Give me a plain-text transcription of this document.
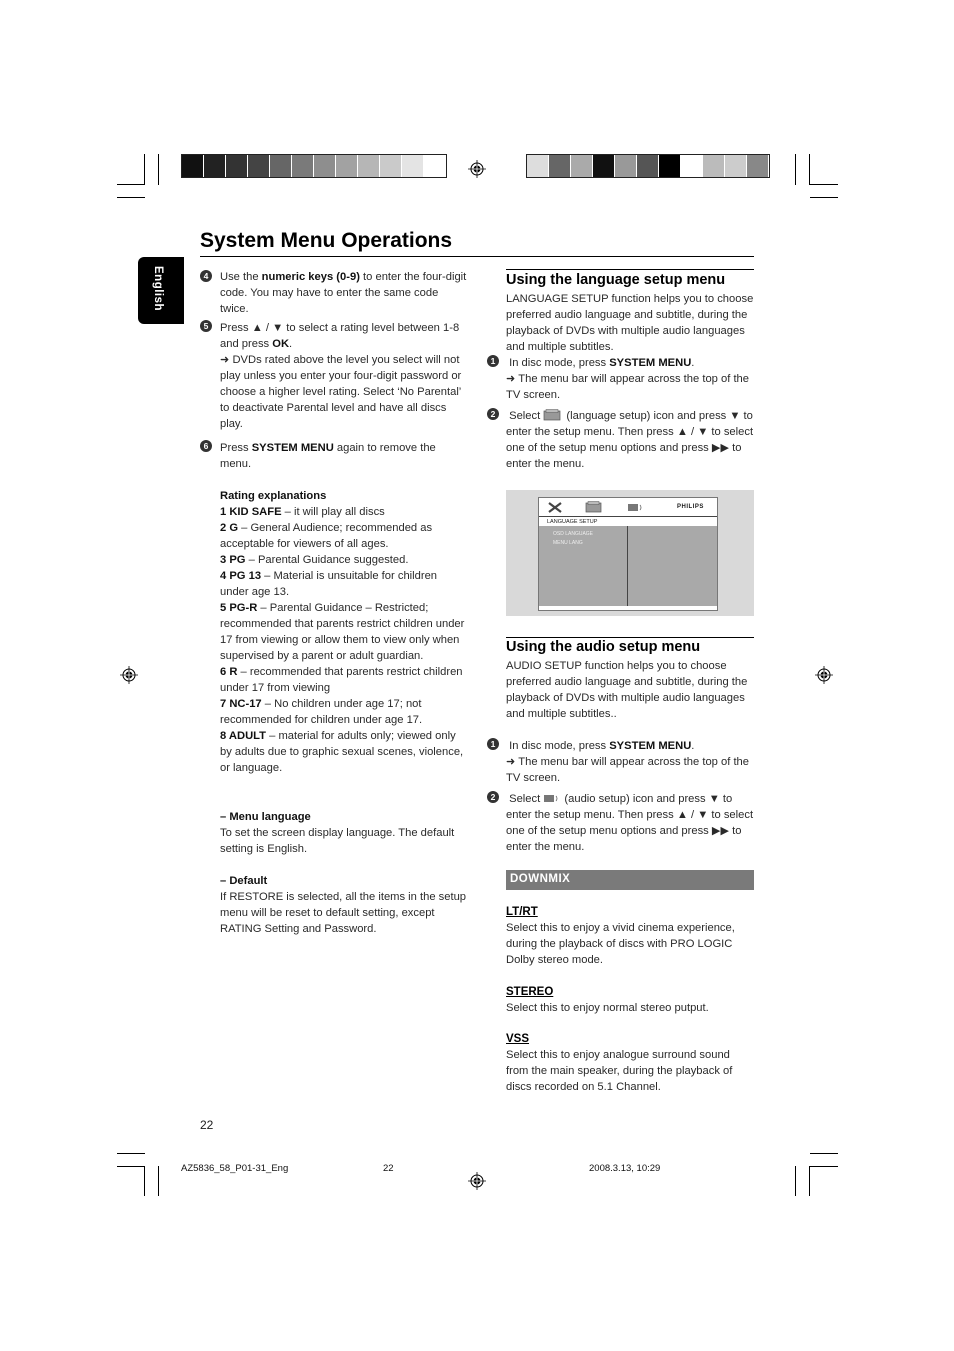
System Menu Operations
English	4	Use the numeric keys (0-9) to enter the four-digit code. You may have to enter the same code twice.
5	Press ▲ / ▼ to select a rating level between 1-8 and press OK.
➜ DVDs rated above the level you select will not play unless you enter your four-digit password or choose a higher level rating. Select ‘No Parental’ to deactivate Parental level and have all discs play.
6	Press SYSTEM MENU again to remove the menu.
Rating explanations
1 KID SAFE – it will play all discs
2 G – General Audience; recommended as acceptable for viewers of all ages.
3 PG – Parental Guidance suggested.
4 PG 13 – Material is unsuitable for children under age 13.
5 PG-R – Parental Guidance – Restricted; recommended that parents restrict children under 17 from viewing or allow them to view only when supervised by a parent or adult guardian.
6 R – recommended that parents restrict children under 17 from viewing
7 NC-17 – No children under age 17; not recommended for children under age 17.
8 ADULT – material for adults only; viewed only by adults due to graphic sexual scenes, violence, or language.
– Menu language
To set the screen display language. The default setting is English.
– Default
If RESTORE is selected, all the items in the setup menu will be reset to default setting, except RATING Setting and Password.
22
Using the language setup menu
LANGUAGE SETUP function helps you to choose preferred audio language and subtitle, during the playback of DVDs with multiple audio languages and multiple subtitles.
1	In disc mode, press SYSTEM MENU.
➜ The menu bar will appear across the top of the TV screen.
2	Select  (language setup) icon and press ▼ to enter the setup menu. Then press ▲ / ▼ to select one of the setup menu options and press ▶▶ to enter the menu.
PHILIPS
LANGUAGE SETUP
OSD LANGUAGE
MENU LANG
Using the audio setup menu
AUDIO SETUP function helps you to choose preferred audio language and subtitle, during the playback of DVDs with multiple audio languages and multiple subtitles..
1	In disc mode, press SYSTEM MENU.
➜ The menu bar will appear across the top of the TV screen.
2	Select  (audio setup) icon and press ▼ to enter the setup menu. Then press ▲ / ▼ to select one of the setup menu options and press ▶▶ to enter the menu.
DOWNMIX
LT/RT
Select this to enjoy a vivid cinema experience, during the playback of discs with PRO LOGIC Dolby stereo mode.
STEREO
Select this to enjoy normal stereo putput.
VSS
Select this to enjoy analogue surround sound from the main speaker, during the playback of discs recorded on 5.1 Channel.
AZ5836_58_P01-31_Eng	22	2008.3.13, 10:29
